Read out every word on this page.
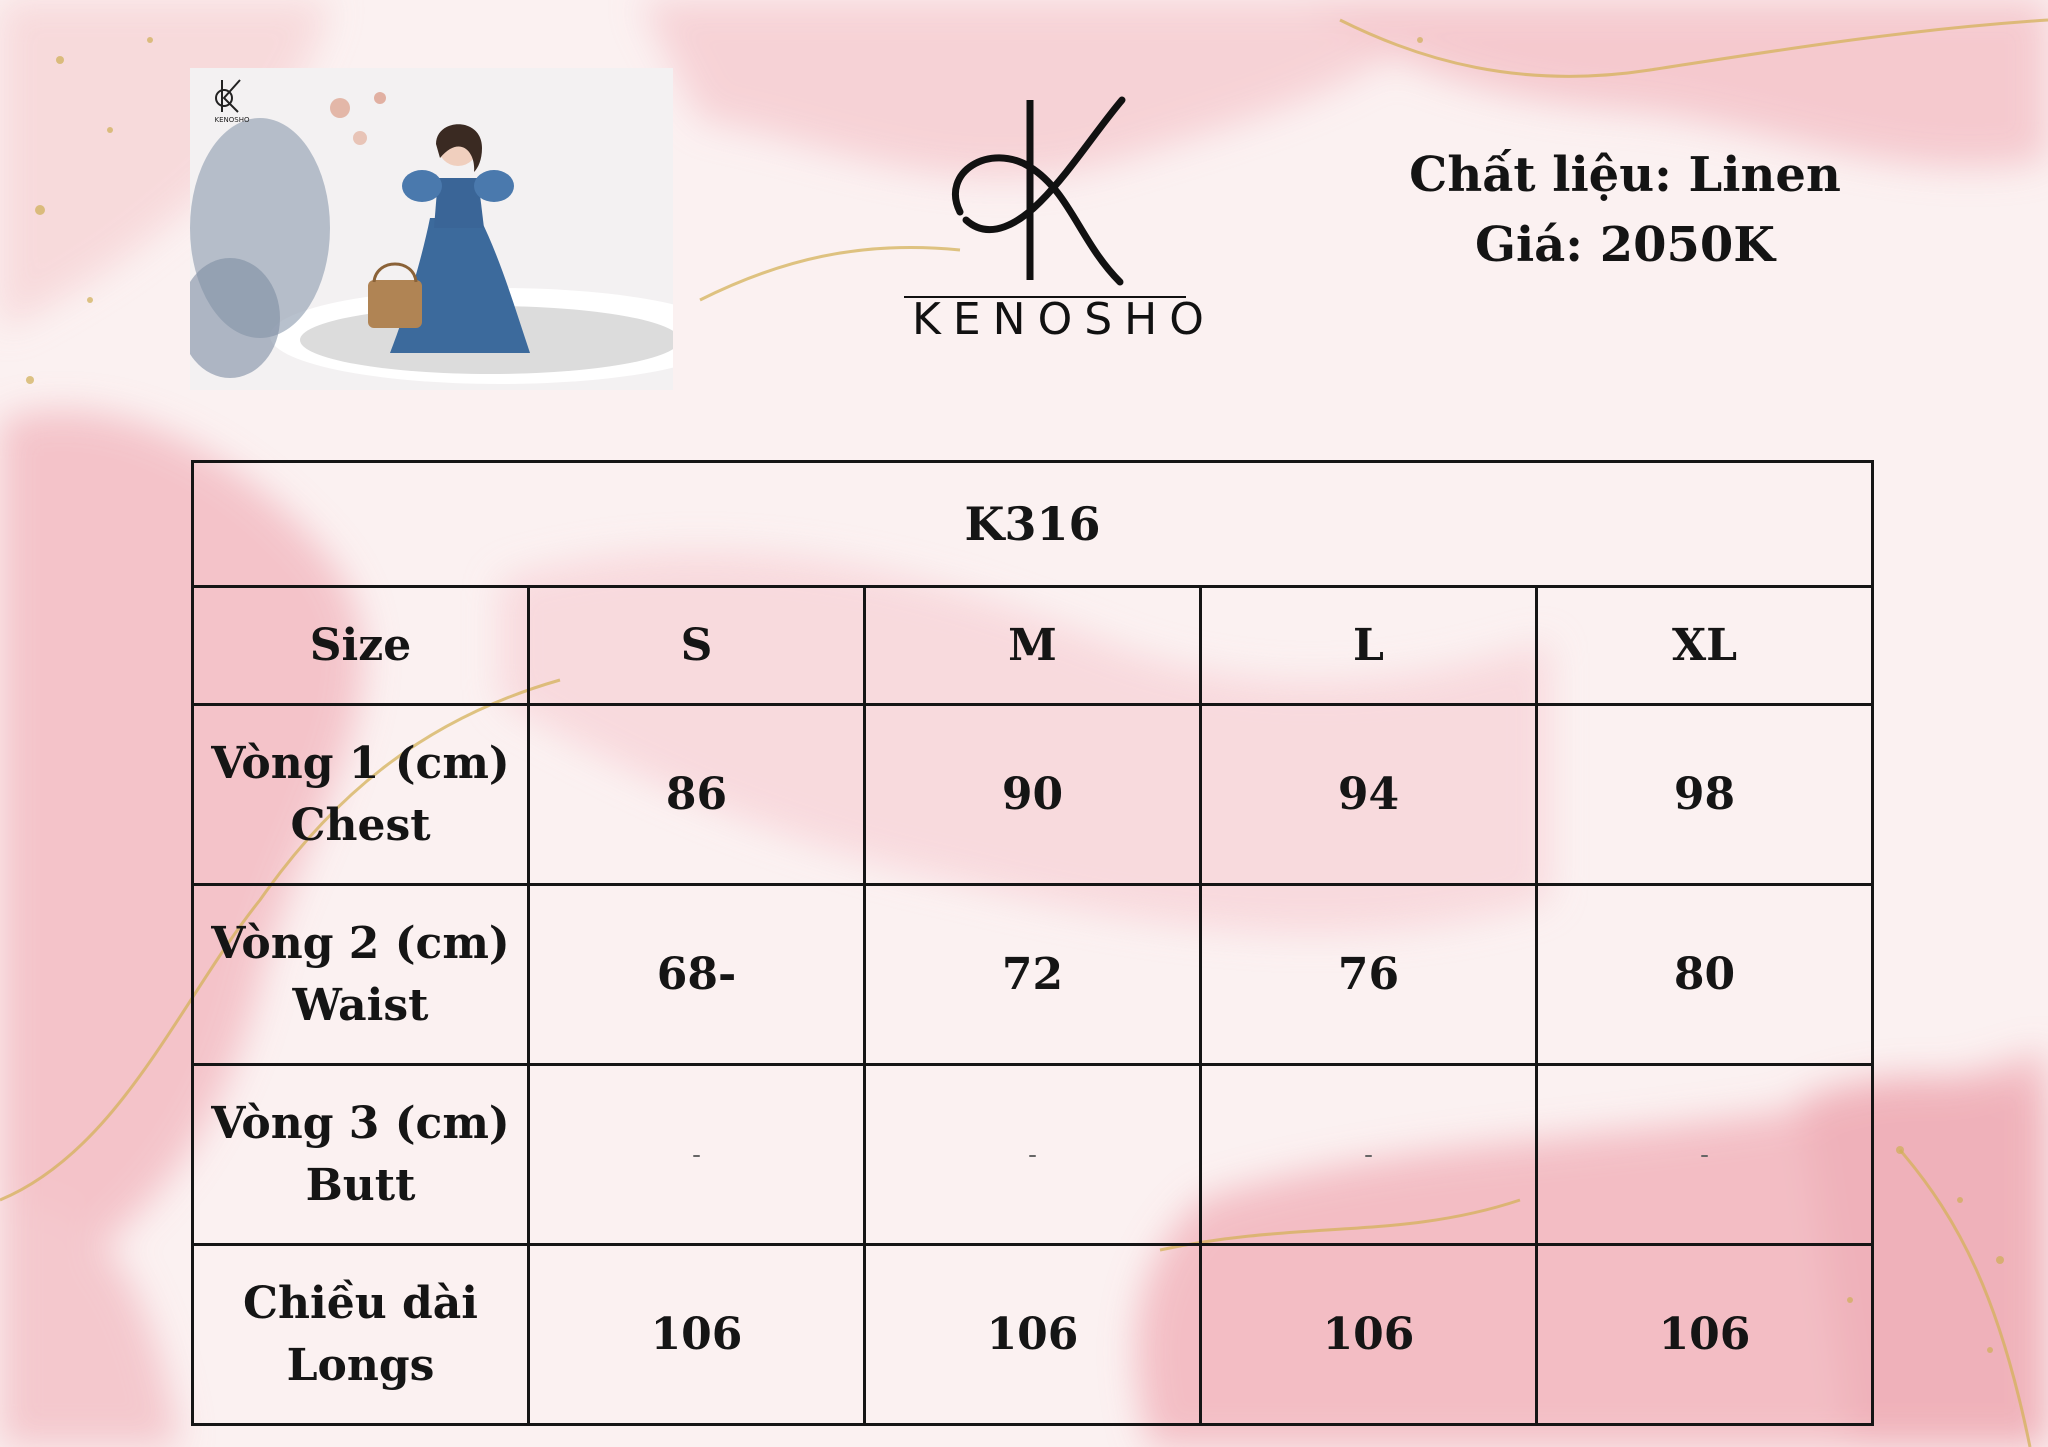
KENOSHO
KENOSHO
Chất liệu: Linen
Giá: 2050K
K316				
Size	S	M	L	XL

Vòng 1 (cm)
Chest	86	90	94	98

Vòng 2 (cm)
Waist	68-	72	76	80

Vòng 3 (cm)
Butt	-	-	-	-

Chiều dài
Longs	106	106	106	106
